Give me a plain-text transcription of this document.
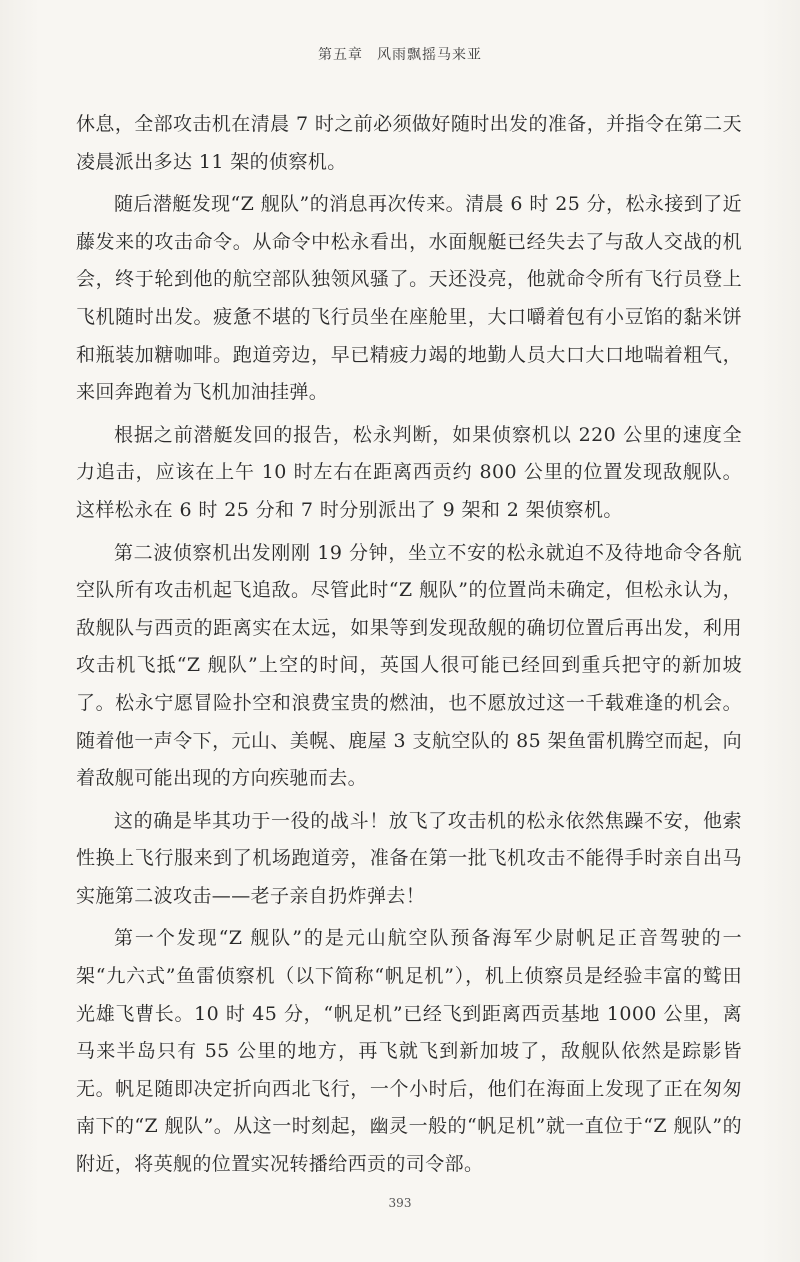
第五章 风雨飘摇马来亚

休息，全部攻击机在清晨 7 时之前必须做好随时出发的准备，并指令在第二天凌晨派出多达 11 架的侦察机。

随后潜艇发现“Z 舰队”的消息再次传来。清晨 6 时 25 分，松永接到了近藤发来的攻击命令。从命令中松永看出，水面舰艇已经失去了与敌人交战的机会，终于轮到他的航空部队独领风骚了。天还没亮，他就命令所有飞行员登上飞机随时出发。疲惫不堪的飞行员坐在座舱里，大口嚼着包有小豆馅的黏米饼和瓶装加糖咖啡。跑道旁边，早已精疲力竭的地勤人员大口大口地喘着粗气，来回奔跑着为飞机加油挂弹。

根据之前潜艇发回的报告，松永判断，如果侦察机以 220 公里的速度全力追击，应该在上午 10 时左右在距离西贡约 800 公里的位置发现敌舰队。这样松永在 6 时 25 分和 7 时分别派出了 9 架和 2 架侦察机。

第二波侦察机出发刚刚 19 分钟，坐立不安的松永就迫不及待地命令各航空队所有攻击机起飞追敌。尽管此时“Z 舰队”的位置尚未确定，但松永认为，敌舰队与西贡的距离实在太远，如果等到发现敌舰的确切位置后再出发，利用攻击机飞抵“Z 舰队”上空的时间，英国人很可能已经回到重兵把守的新加坡了。松永宁愿冒险扑空和浪费宝贵的燃油，也不愿放过这一千载难逢的机会。随着他一声令下，元山、美幌、鹿屋 3 支航空队的 85 架鱼雷机腾空而起，向着敌舰可能出现的方向疾驰而去。

这的确是毕其功于一役的战斗！放飞了攻击机的松永依然焦躁不安，他索性换上飞行服来到了机场跑道旁，准备在第一批飞机攻击不能得手时亲自出马实施第二波攻击——老子亲自扔炸弹去！

第一个发现“Z 舰队”的是元山航空队预备海军少尉帆足正音驾驶的一架“九六式”鱼雷侦察机（以下简称“帆足机”），机上侦察员是经验丰富的鹫田光雄飞曹长。10 时 45 分，“帆足机”已经飞到距离西贡基地 1000 公里，离马来半岛只有 55 公里的地方，再飞就飞到新加坡了，敌舰队依然是踪影皆无。帆足随即决定折向西北飞行，一个小时后，他们在海面上发现了正在匆匆南下的“Z 舰队”。从这一时刻起，幽灵一般的“帆足机”就一直位于“Z 舰队”的附近，将英舰的位置实况转播给西贡的司令部。

393
